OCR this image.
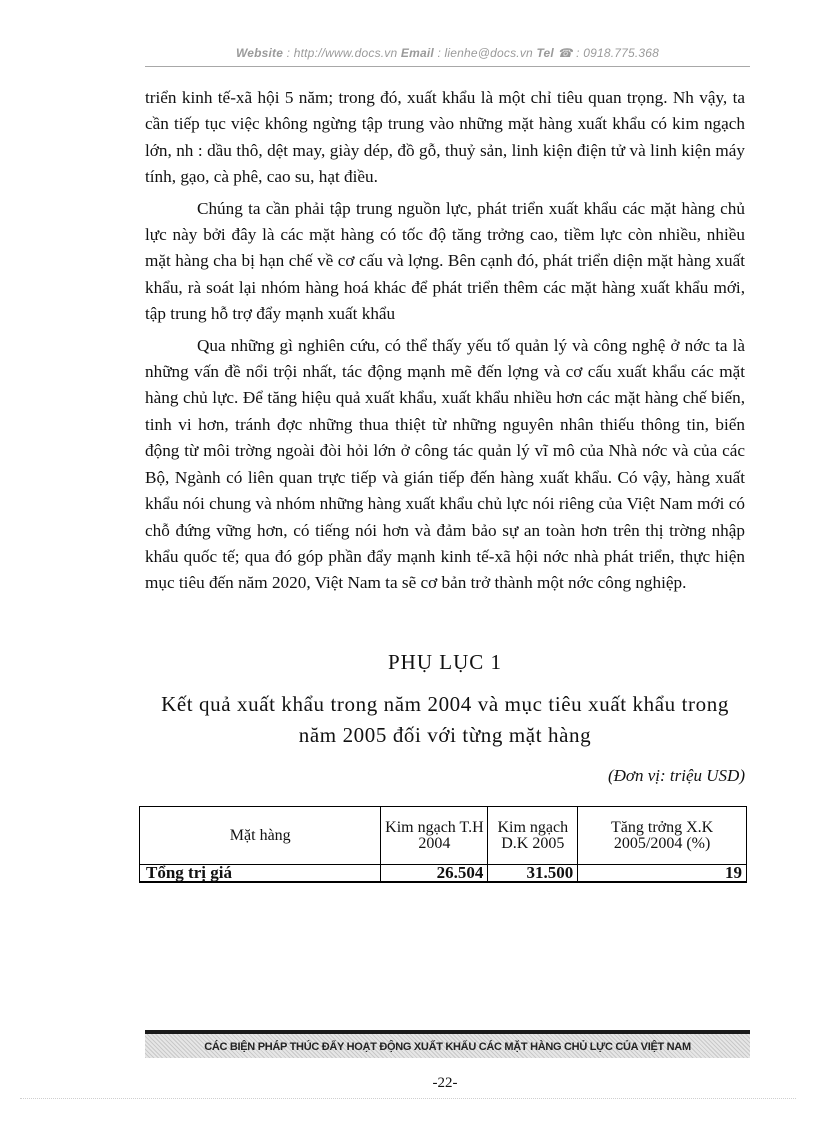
Website : http://www.docs.vn Email : lienhe@docs.vn Tel ☎ : 0918.775.368

triển kinh tế-xã hội 5 năm; trong đó, xuất khẩu là một chỉ tiêu quan trọng. Nh vậy, ta cần tiếp tục việc không ngừng tập trung vào những mặt hàng xuất khẩu có kim ngạch lớn, nh : dầu thô, dệt may, giày dép, đồ gỗ, thuỷ sản, linh kiện điện tử và linh kiện máy tính, gạo, cà phê, cao su, hạt điều.

Chúng ta cần phải tập trung nguồn lực, phát triển xuất khẩu các mặt hàng chủ lực này bởi đây là các mặt hàng có tốc độ tăng trởng cao, tiềm lực còn nhiều, nhiều mặt hàng cha bị hạn chế về cơ cấu và lợng. Bên cạnh đó, phát triển diện mặt hàng xuất khẩu, rà soát lại nhóm hàng hoá khác để phát triển thêm các mặt hàng xuất khẩu mới, tập trung hỗ trợ đẩy mạnh xuất khẩu

Qua những gì nghiên cứu, có thể thấy yếu tố quản lý và công nghệ ở nớc ta là những vấn đề nổi trội nhất, tác động mạnh mẽ đến lợng và cơ cấu xuất khẩu các mặt hàng chủ lực. Để tăng hiệu quả xuất khẩu, xuất khẩu nhiều hơn các mặt hàng chế biến, tinh vi hơn, tránh đợc những thua thiệt từ những nguyên nhân thiếu thông tin, biến động từ môi trờng ngoài đòi hỏi lớn ở công tác quản lý vĩ mô của Nhà nớc và của các Bộ, Ngành có liên quan trực tiếp và gián tiếp đến hàng xuất khẩu. Có vậy, hàng xuất khẩu nói chung và nhóm những hàng xuất khẩu chủ lực nói riêng của Việt Nam mới có chỗ đứng vững hơn, có tiếng nói hơn và đảm bảo sự an toàn hơn trên thị trờng nhập khẩu quốc tế; qua đó góp phần đẩy mạnh kinh tế-xã hội nớc nhà phát triển, thực hiện mục tiêu đến năm 2020, Việt Nam ta sẽ cơ bản trở thành một nớc công nghiệp.

PHỤ LỤC 1
Kết quả xuất khẩu trong năm 2004 và mục tiêu xuất khẩu trong năm 2005 đối với từng mặt hàng
(Đơn vị: triệu USD)
Mặt hàng	Kim ngạch T.H 2004	Kim ngạch D.K 2005	Tăng trởng X.K 2005/2004 (%)
Tổng trị giá	26.504	31.500	19
CÁC BIỆN PHÁP THÚC ĐẨY HOẠT ĐỘNG XUẤT KHẨU CÁC MẶT HÀNG CHỦ LỰC CỦA VIỆT NAM
-22-
